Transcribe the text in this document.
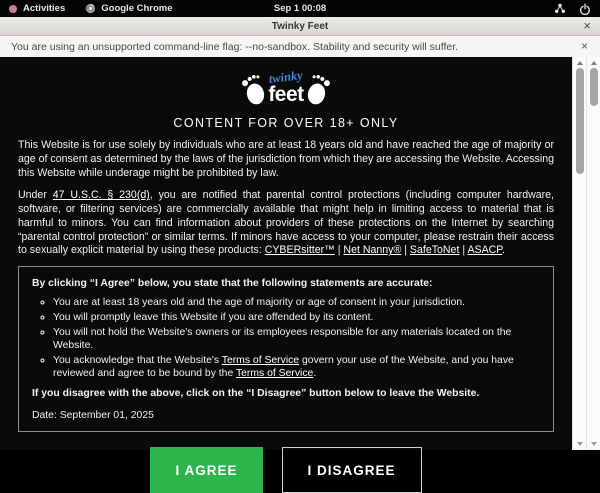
Activities	Google Chrome	Sep 1 00:08
Twinky Feet	×
You are using an unsupported command-line flag: --no-sandbox. Stability and security will suffer.	×
feet
twinky
CONTENT FOR OVER 18+ ONLY

This Website is for use solely by individuals who are at least 18 years old and have reached the age of majority or age of consent as determined by the laws of the jurisdiction from which they are accessing the Website. Accessing this Website while underage might be prohibited by law.

Under 47 U.S.C. § 230(d), you are notified that parental control protections (including computer hardware, software, or filtering services) are commercially available that might help in limiting access to material that is harmful to minors. You can find information about providers of these protections on the Internet by searching “parental control protection” or similar terms. If minors have access to your computer, please restrain their access to sexually explicit material by using these products: CYBERsitter™ | Net Nanny® | SafeToNet | ASACP.

By clicking “I Agree” below, you state that the following statements are accurate:
◦ You are at least 18 years old and the age of majority or age of consent in your jurisdiction.
◦ You will promptly leave this Website if you are offended by its content.
◦ You will not hold the Website's owners or its employees responsible for any materials located on the Website.
◦ You acknowledge that the Website's Terms of Service govern your use of the Website, and you have reviewed and agree to be bound by the Terms of Service.
If you disagree with the above, click on the “I Disagree” button below to leave the Website.
Date: September 01, 2025
I AGREE	I DISAGREE
